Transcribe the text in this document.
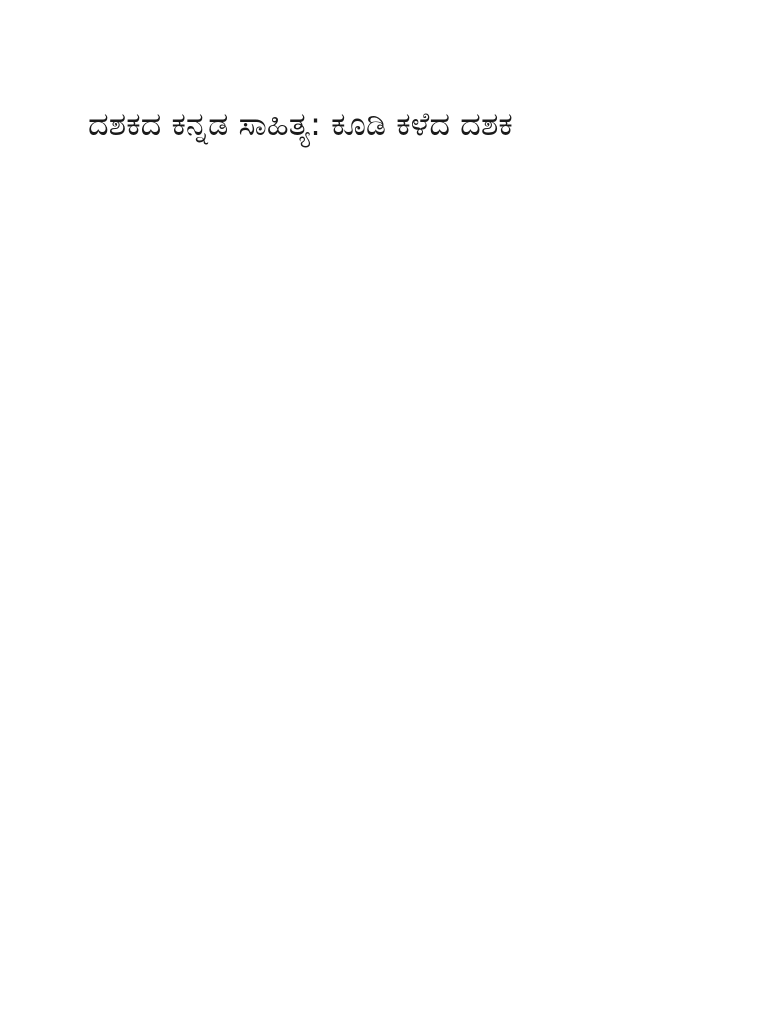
ದಶಕದ ಕನ್ನಡ ಸಾಹಿತ್ಯ: ಕೂಡಿ ಕಳೆದ ದಶಕ
